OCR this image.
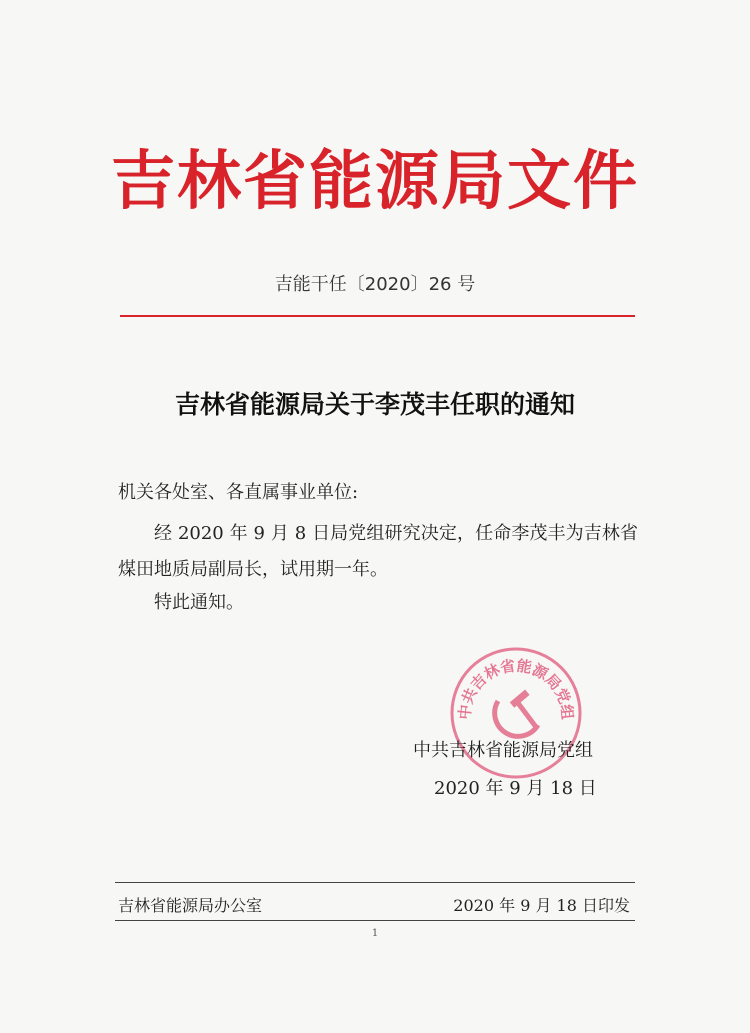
吉林省能源局文件
吉能干任〔2020〕26 号
吉林省能源局关于李茂丰任职的通知
机关各处室、各直属事业单位:
经 2020 年 9 月 8 日局党组研究决定，任命李茂丰为吉林省煤田地质局副局长，试用期一年。
特此通知。
中共吉林省能源局党组
中共吉林省能源局党组
2020 年 9 月 18 日
吉林省能源局办公室	2020 年 9 月 18 日印发
1
